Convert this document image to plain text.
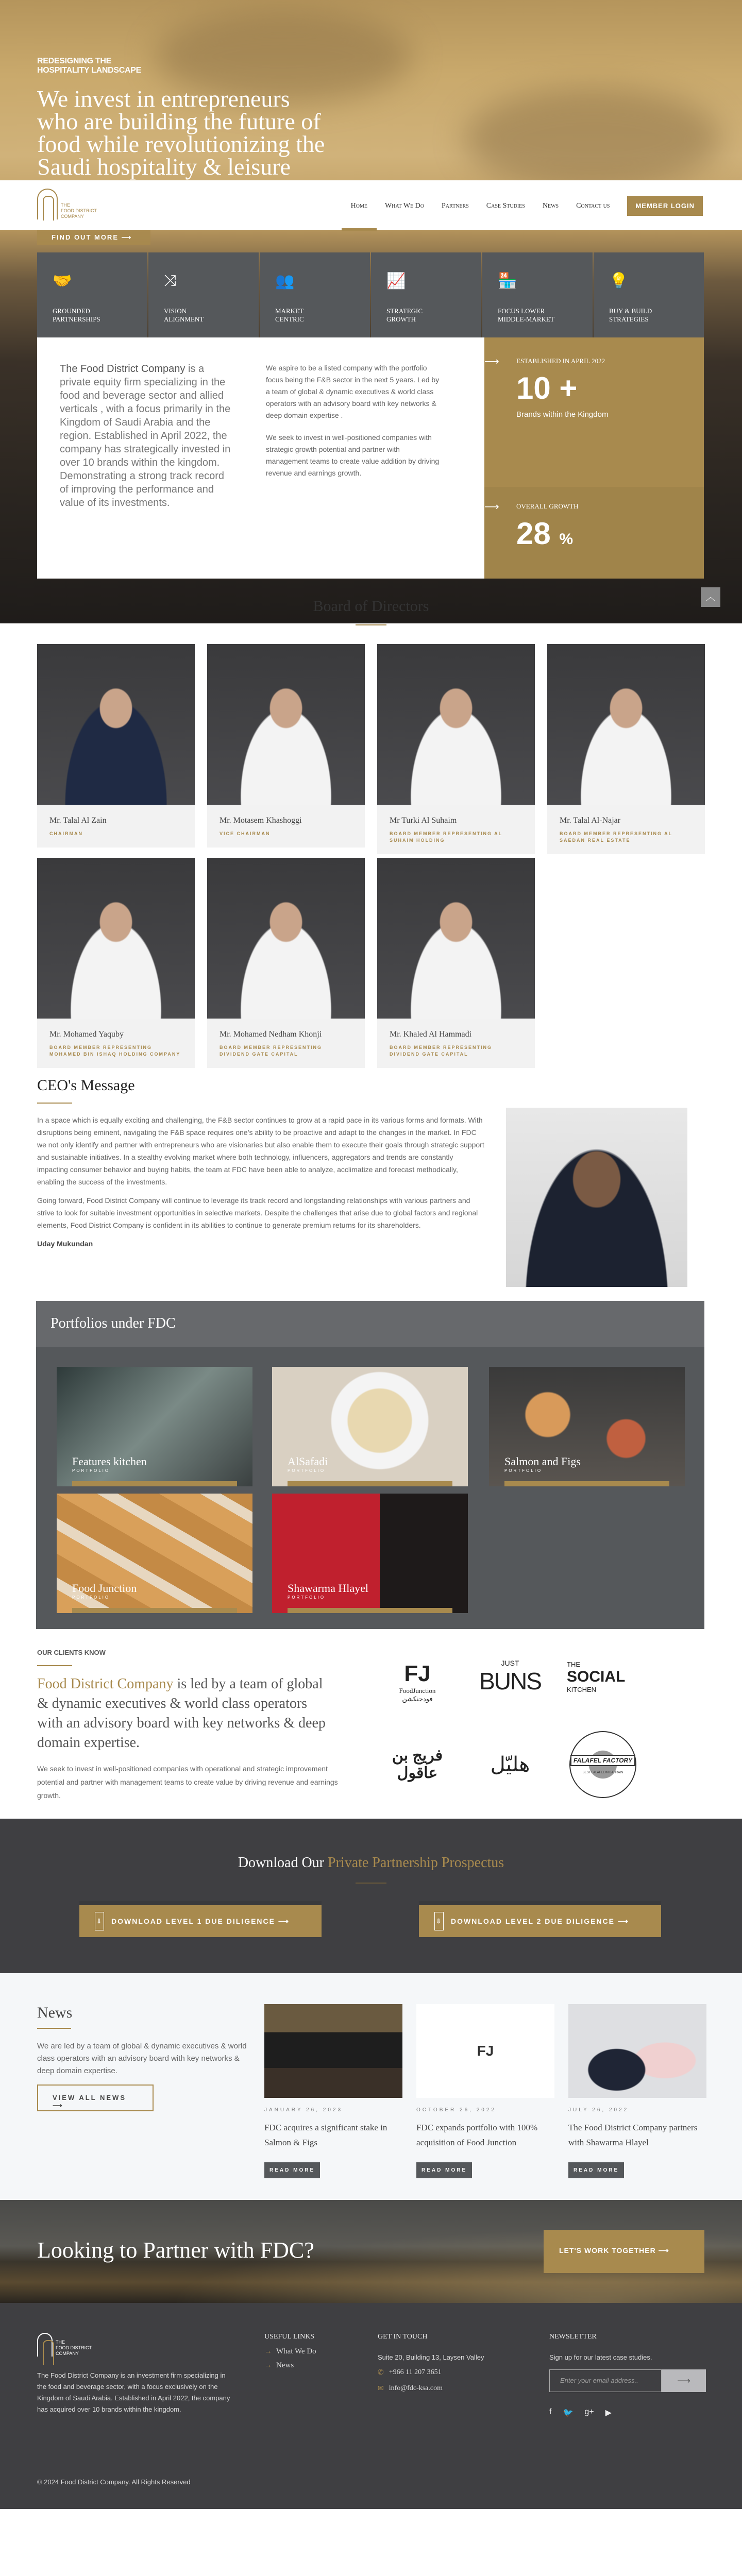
REDESIGNING THE
HOSPITALITY LANDSCAPE
We invest in entrepreneurs who are building the future of food while revolutionizing the Saudi hospitality & leisure
THE
FOOD DISTRICT
COMPANY
Home What We Do Partners Case Studies News Contact us	MEMBER LOGIN
FIND OUT MORE ⟶
🤝
GROUNDED
PARTNERSHIPS
⤨
VISION
ALIGNMENT
👥
MARKET
CENTRIC
📈
STRATEGIC
GROWTH
🏪
FOCUS LOWER
MIDDLE-MARKET
💡
BUY & BUILD
STRATEGIES
The Food District Company is a private equity firm specializing in the food and beverage sector and allied verticals , with a focus primarily in the Kingdom of Saudi Arabia and the region. Established in April 2022, the company has strategically invested in over 10 brands within the kingdom. Demonstrating a strong track record of improving the performance and value of its investments.

We aspire to be a listed company with the portfolio focus being the F&B sector in the next 5 years. Led by a team of global & dynamic executives & world class operators with an advisory board with key networks & deep domain expertise .

We seek to invest in well-positioned companies with strategic growth potential and partner with management teams to create value addition by driving revenue and earnings growth.

⟶ ESTABLISHED IN APRIL 2022
10 +
Brands within the Kingdom
⟶ OVERALL GROWTH
28 %
︿
Board of Directors
Mr. Talal Al Zain
CHAIRMAN
Mr. Motasem Khashoggi
VICE CHAIRMAN
Mr Turki Al Suhaim
BOARD MEMBER REPRESENTING AL SUHAIM HOLDING
Mr. Talal Al-Najar
BOARD MEMBER REPRESENTING AL SAEDAN REAL ESTATE
Mr. Mohamed Yaquby
BOARD MEMBER REPRESENTING MOHAMED BIN ISHAQ HOLDING COMPANY
Mr. Mohamed Nedham Khonji
BOARD MEMBER REPRESENTING DIVIDEND GATE CAPITAL
Mr. Khaled Al Hammadi
BOARD MEMBER REPRESENTING DIVIDEND GATE CAPITAL
CEO's Message

In a space which is equally exciting and challenging, the F&B sector continues to grow at a rapid pace in its various forms and formats. With disruptions being eminent, navigating the F&B space requires one’s ability to be proactive and adapt to the changes in the market. In FDC we not only identify and partner with entrepreneurs who are visionaries but also enable them to execute their goals through strategic support and sustainable initiatives. In a stealthy evolving market where both technology, influencers, aggregators and trends are constantly impacting consumer behavior and buying habits, the team at FDC have been able to analyze, acclimatize and forecast methodically, enabling the success of the investments.

Going forward, Food District Company will continue to leverage its track record and longstanding relationships with various partners and strive to look for suitable investment opportunities in selective markets. Despite the challenges that arise due to global factors and regional elements, Food District Company is confident in its abilities to continue to generate premium returns for its shareholders.

Uday Mukundan

Portfolios under FDC
Features kitchen
PORTFOLIO
AlSafadi
PORTFOLIO
Salmon and Figs
PORTFOLIO
Food Junction
PORTFOLIO
Shawarma Hlayel
PORTFOLIO
OUR CLIENTS KNOW
Food District Company is led by a team of global & dynamic executives & world class operators with an advisory board with key networks & deep domain expertise.
We seek to invest in well-positioned companies with operational and strategic improvement potential and partner with management teams to create value by driving revenue and earnings growth.
FJ
FoodJunction
فودجنكشن
JUST
BUNS
THE
SOCIAL
KITCHEN
فريج بن عاقول	هليّل	FALAFEL FACTORY
BEST FALAFEL IN BAHRAIN
Download Our Private Partnership Prospectus
⇩ DOWNLOAD LEVEL 1 DUE DILIGENCE ⟶	⇩ DOWNLOAD LEVEL 2 DUE DILIGENCE ⟶
News

We are led by a team of global & dynamic executives & world class operators with an advisory board with key networks & deep domain expertise.

VIEW ALL NEWS ⟶
JANUARY 26, 2023
FDC acquires a significant stake in Salmon & Figs
READ MORE
FJ
OCTOBER 26, 2022
FDC expands portfolio with 100% acquisition of Food Junction
READ MORE
JULY 26, 2022
The Food District Company partners with Shawarma Hlayel
READ MORE
Looking to Partner with FDC?	LET'S WORK TOGETHER ⟶
THE
FOOD DISTRICT
COMPANY

The Food District Company is an investment firm specializing in the food and beverage sector, with a focus exclusively on the Kingdom of Saudi Arabia. Established in April 2022, the company has acquired over 10 brands within the kingdom.

USEFUL LINKS
→ What We Do
→ News
GET IN TOUCH
Suite 20, Building 13, Laysen Valley
✆ +966 11 207 3651
✉ info@fdc-ksa.com
NEWSLETTER
Sign up for our latest case studies.
Enter your email address..	⟶
f 🐦 g+ ▶
© 2024 Food District Company. All Rights Reserved
